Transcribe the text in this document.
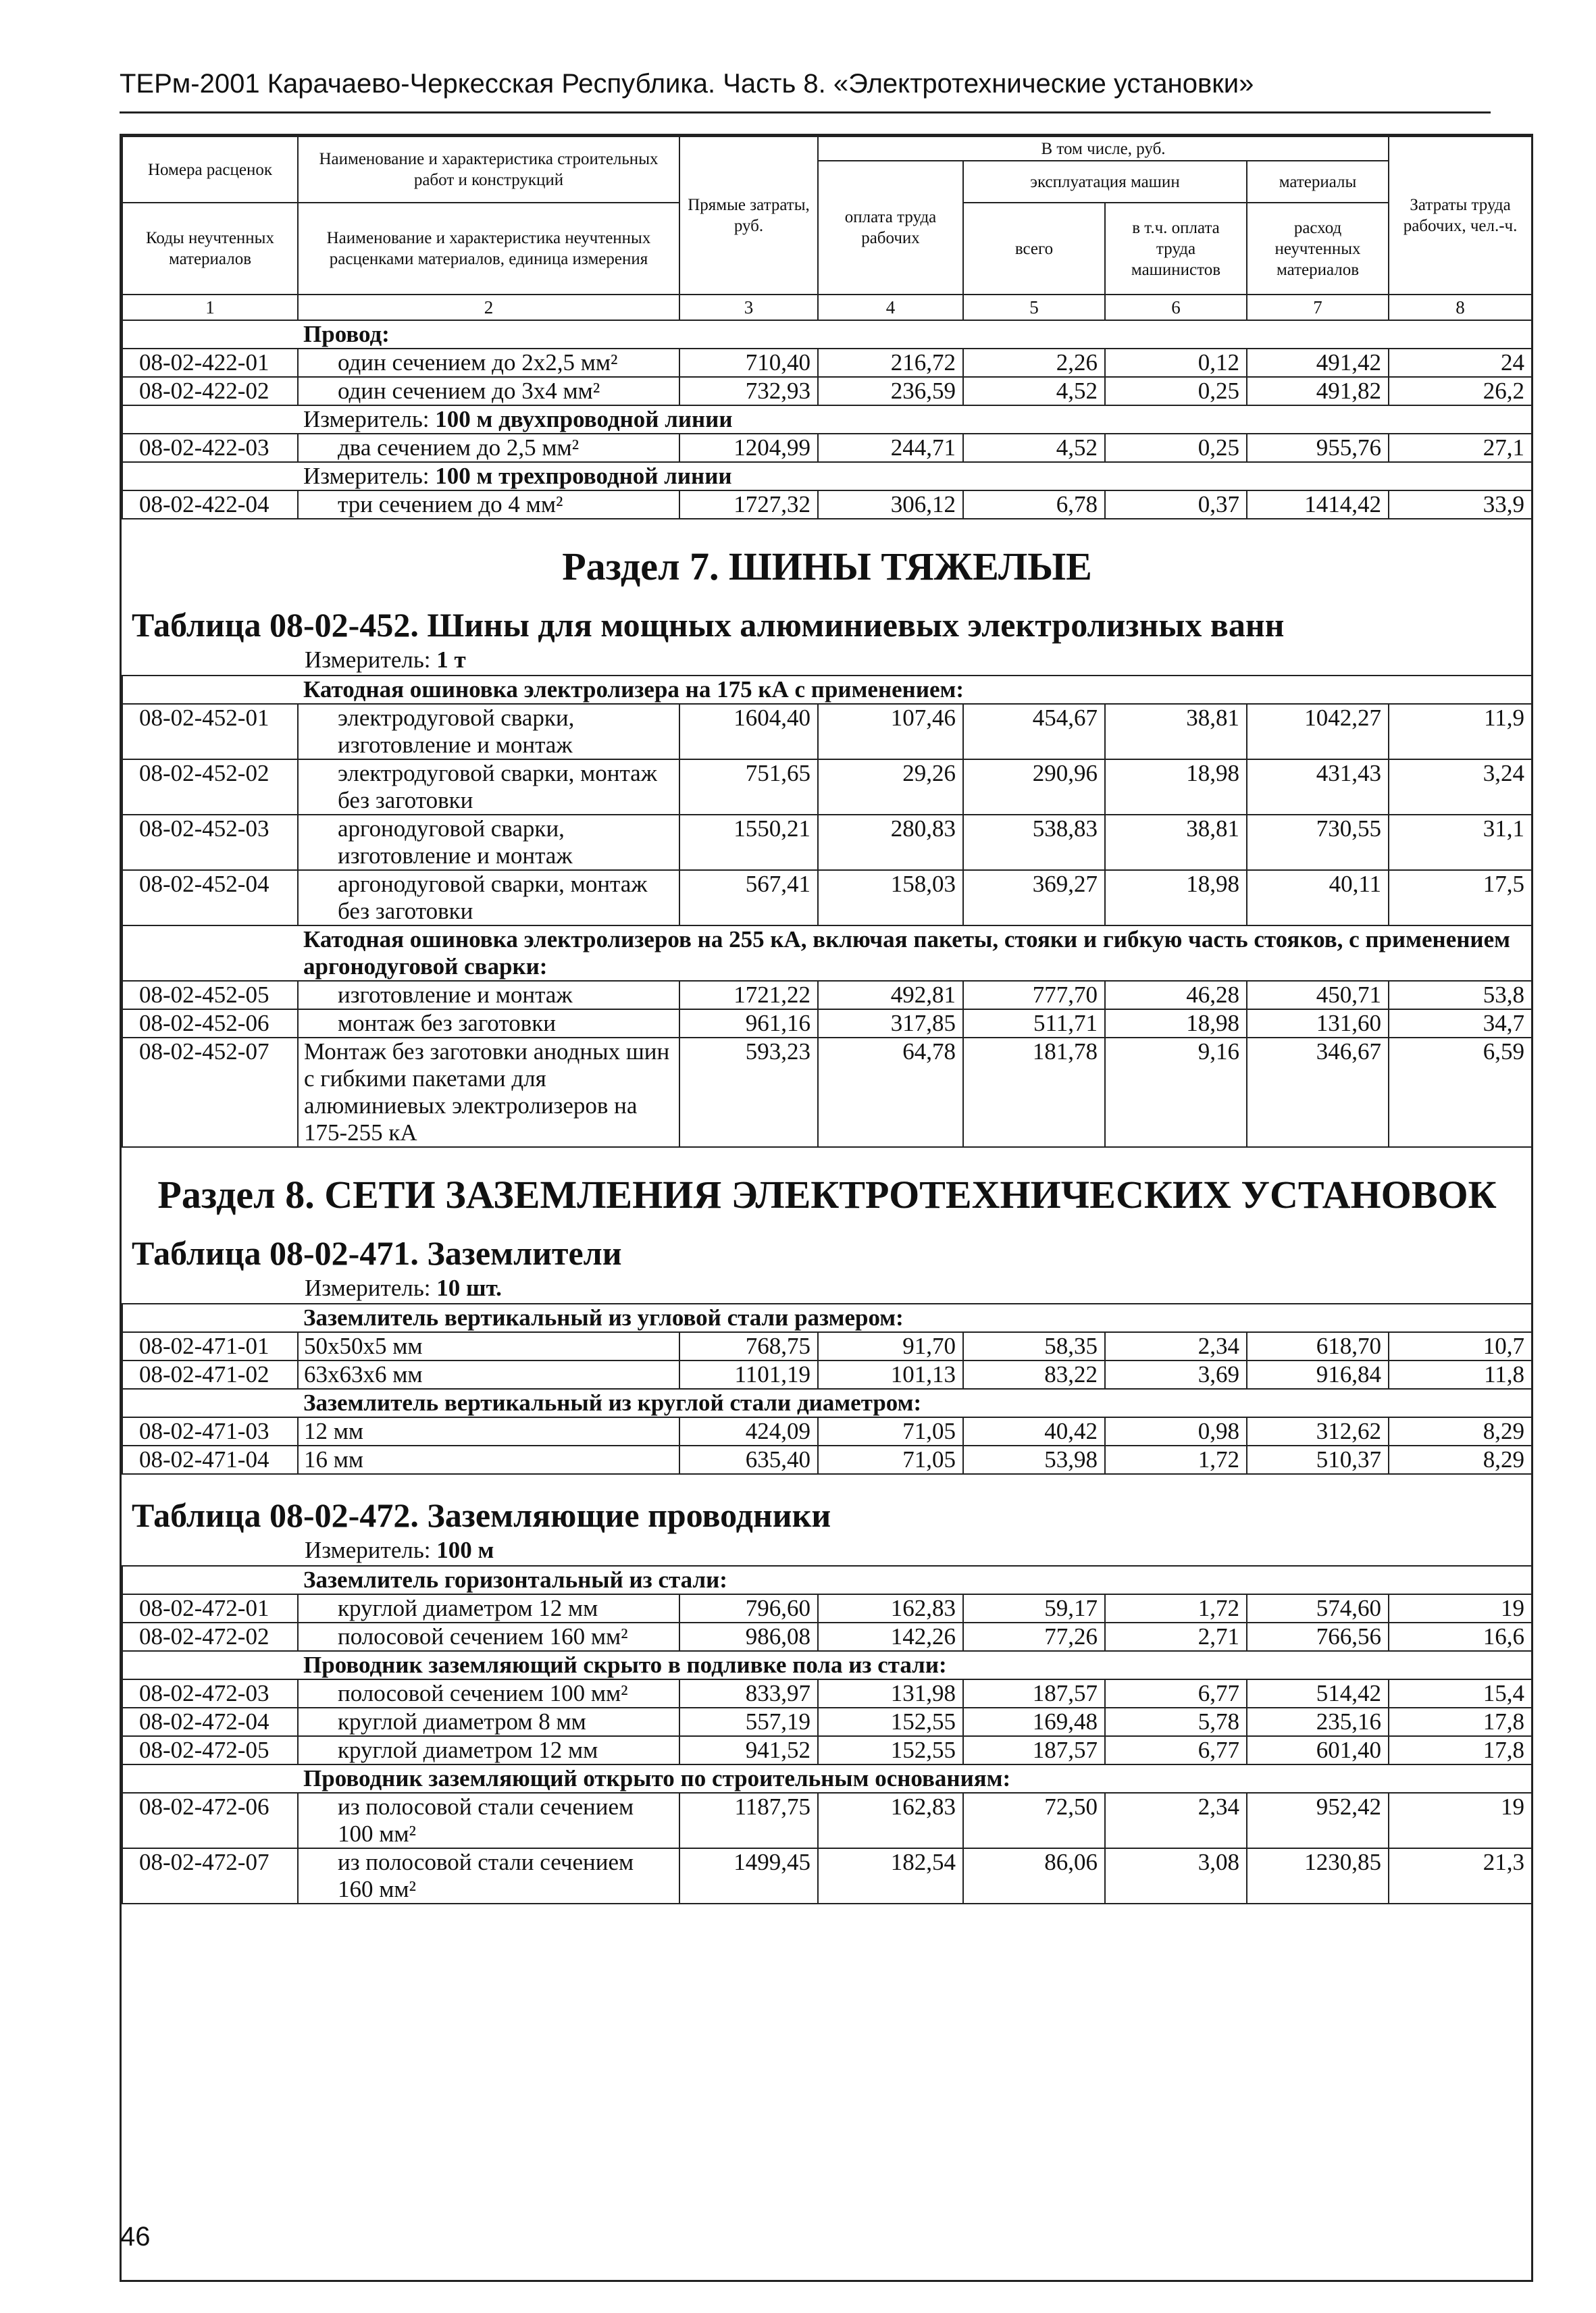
ТЕРм-2001 Карачаево-Черкесская Республика. Часть 8. «Электротехнические установки»
Номера расценок	Наименование и характеристика строительных работ и конструкций	Прямые затраты, руб.	В том числе, руб.				Затраты труда рабочих, чел.-ч.
			оплата труда рабочих	эксплуатация машин		материалы	
Коды неучтенных материалов	Наименование и характеристика неучтенных расценками материалов, единица измерения			всего	в т.ч. оплата труда машинистов	расход неучтенных материалов	

1	2	3	4	5	6	7	8
	Провод:						
08-02-422-01	один сечением до 2х2,5 мм²	710,40	216,72	2,26	0,12	491,42	24
08-02-422-02	один сечением до 3х4 мм²	732,93	236,59	4,52	0,25	491,82	26,2
	Измеритель: 100 м двухпроводной линии						
08-02-422-03	два сечением до 2,5 мм²	1204,99	244,71	4,52	0,25	955,76	27,1
	Измеритель: 100 м трехпроводной линии						
08-02-422-04	три сечением до 4 мм²	1727,32	306,12	6,78	0,37	1414,42	33,9

Раздел 7. ШИНЫ ТЯЖЕЛЫЕ
Таблица 08-02-452. Шины для мощных алюминиевых электролизных ванн
Измеритель: 1 т							

	Катодная ошиновка электролизера на 175 кА с применением:						
08-02-452-01	электродуговой сварки, изготовление и монтаж	1604,40	107,46	454,67	38,81	1042,27	11,9
08-02-452-02	электродуговой сварки, монтаж без заготовки	751,65	29,26	290,96	18,98	431,43	3,24
08-02-452-03	аргонодуговой сварки, изготовление и монтаж	1550,21	280,83	538,83	38,81	730,55	31,1
08-02-452-04	аргонодуговой сварки, монтаж без заготовки	567,41	158,03	369,27	18,98	40,11	17,5
	Катодная ошиновка электролизеров на 255 кА, включая пакеты, стояки и гибкую часть стояков, с применением аргонодуговой сварки:						
08-02-452-05	изготовление и монтаж	1721,22	492,81	777,70	46,28	450,71	53,8
08-02-452-06	монтаж без заготовки	961,16	317,85	511,71	18,98	131,60	34,7
08-02-452-07	Монтаж без заготовки анодных шин с гибкими пакетами для алюминиевых электролизеров на 175-255 кА	593,23	64,78	181,78	9,16	346,67	6,59

Раздел 8. СЕТИ ЗАЗЕМЛЕНИЯ ЭЛЕКТРОТЕХНИЧЕСКИХ УСТАНОВОК
Таблица 08-02-471. Заземлители
Измеритель: 10 шт.							

	Заземлитель вертикальный из угловой стали размером:						
08-02-471-01	50х50х5 мм	768,75	91,70	58,35	2,34	618,70	10,7
08-02-471-02	63х63х6 мм	1101,19	101,13	83,22	3,69	916,84	11,8
	Заземлитель вертикальный из круглой стали диаметром:						
08-02-471-03	12 мм	424,09	71,05	40,42	0,98	312,62	8,29
08-02-471-04	16 мм	635,40	71,05	53,98	1,72	510,37	8,29

Таблица 08-02-472. Заземляющие проводники
Измеритель: 100 м							

	Заземлитель горизонтальный из стали:						
08-02-472-01	круглой диаметром 12 мм	796,60	162,83	59,17	1,72	574,60	19
08-02-472-02	полосовой сечением 160 мм²	986,08	142,26	77,26	2,71	766,56	16,6
	Проводник заземляющий скрыто в подливке пола из стали:						
08-02-472-03	полосовой сечением 100 мм²	833,97	131,98	187,57	6,77	514,42	15,4
08-02-472-04	круглой диаметром 8 мм	557,19	152,55	169,48	5,78	235,16	17,8
08-02-472-05	круглой диаметром 12 мм	941,52	152,55	187,57	6,77	601,40	17,8
	Проводник заземляющий открыто по строительным основаниям:						
08-02-472-06	из полосовой стали сечением 100 мм²	1187,75	162,83	72,50	2,34	952,42	19
08-02-472-07	из полосовой стали сечением 160 мм²	1499,45	182,54	86,06	3,08	1230,85	21,3
46
